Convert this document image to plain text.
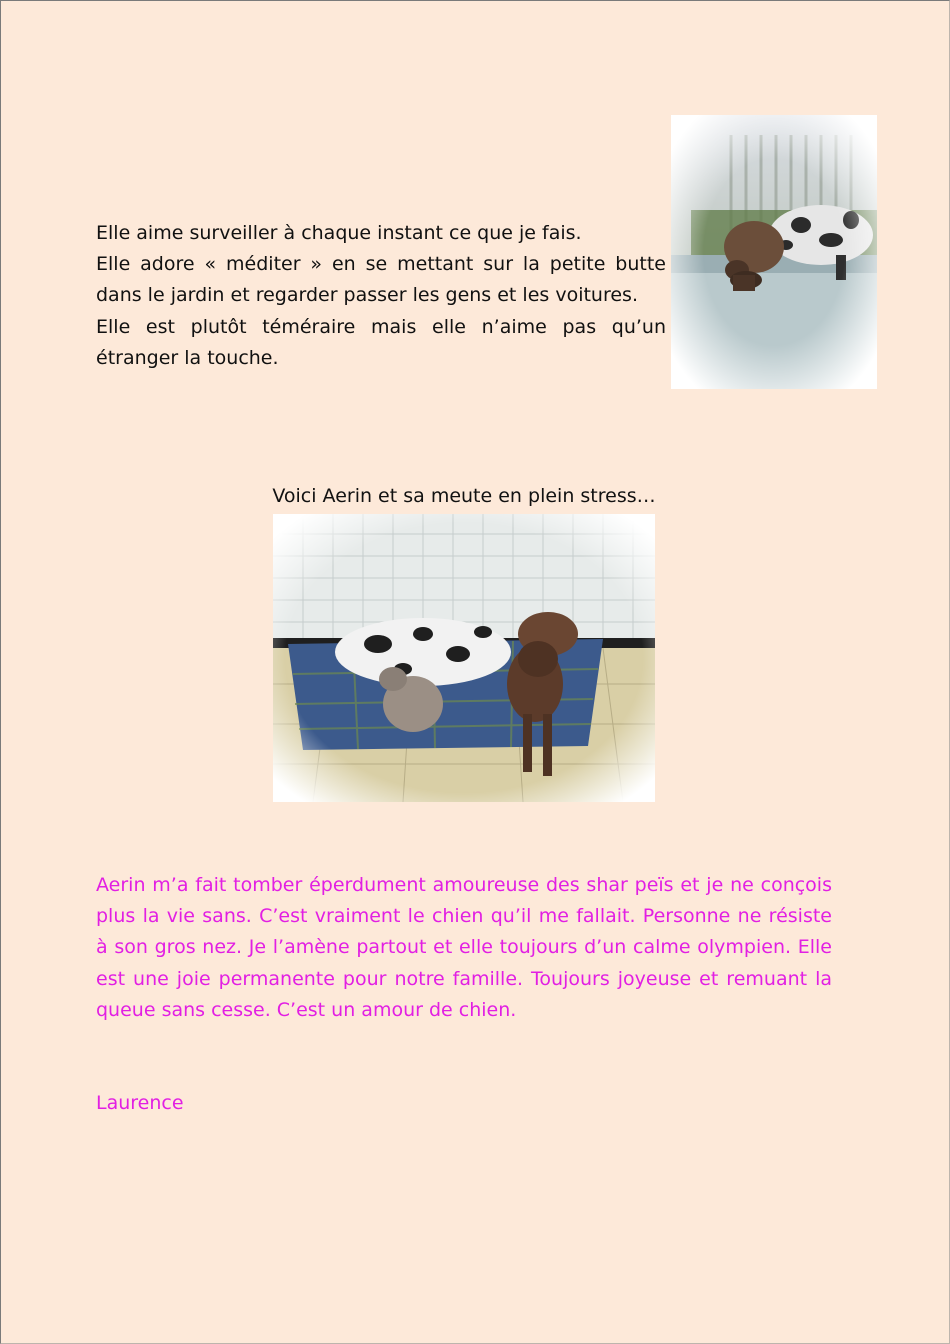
Elle aime surveiller à chaque instant ce que je fais.

Elle adore « méditer » en se mettant sur la petite butte dans le jardin et regarder passer les gens et les voitures.

Elle est plutôt téméraire mais elle n’aime pas qu’un étranger la touche.

Voici Aerin et sa meute en plein stress…

Aerin m’a fait tomber éperdument amoureuse des shar peïs et je ne conçois plus la vie sans. C’est vraiment le chien qu’il me fallait. Personne ne résiste à son gros nez. Je l’amène partout et elle toujours d’un calme olympien. Elle est une joie permanente pour notre famille. Toujours joyeuse et remuant la queue sans cesse. C’est un amour de chien.

Laurence
